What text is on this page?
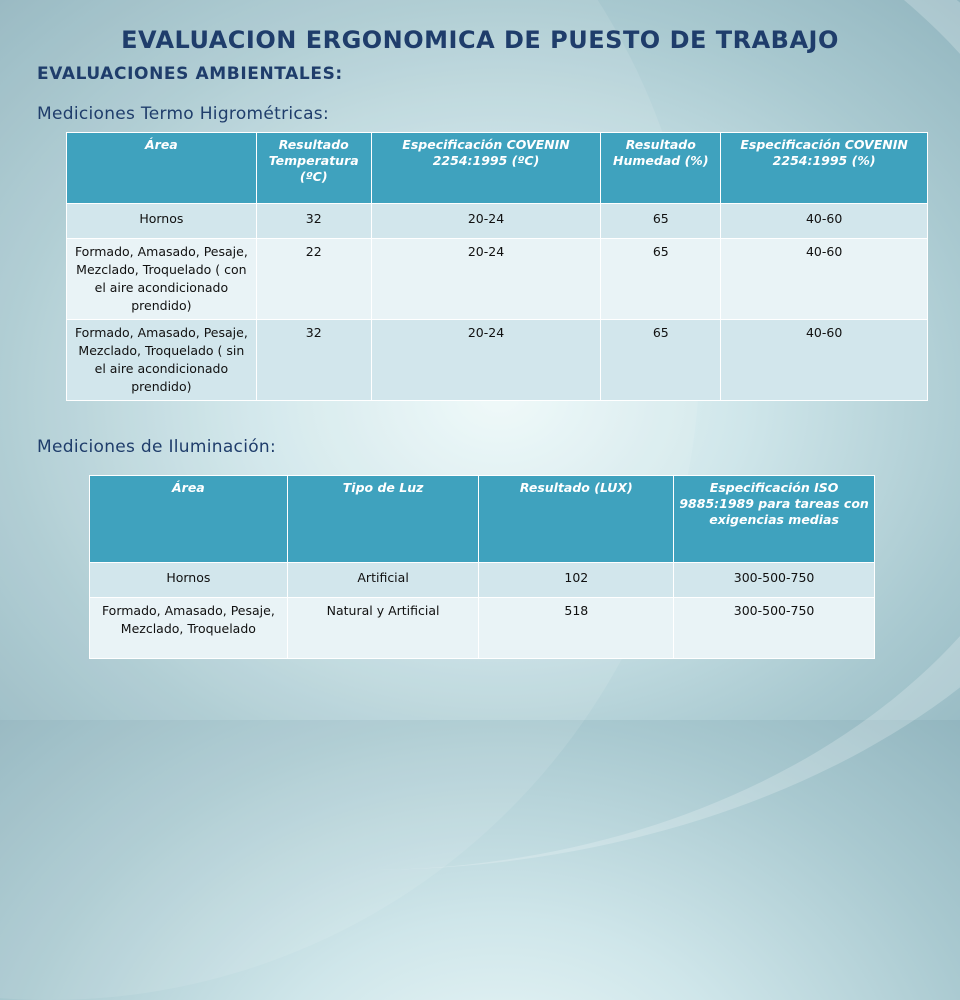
EVALUACION ERGONOMICA DE PUESTO DE TRABAJO
EVALUACIONES AMBIENTALES:
Mediciones Termo Higrométricas:
Área	Resultado Temperatura (ºC)	Especificación COVENIN 2254:1995 (ºC)	Resultado Humedad (%)	Especificación COVENIN 2254:1995 (%)
Hornos	32	20-24	65	40-60
Formado, Amasado, Pesaje, Mezclado, Troquelado ( con el aire acondicionado prendido)	22	20-24	65	40-60
Formado, Amasado, Pesaje, Mezclado, Troquelado ( sin el aire acondicionado prendido)	32	20-24	65	40-60
Mediciones de Iluminación:
Área	Tipo de Luz	Resultado (LUX)	Especificación ISO 9885:1989 para tareas con exigencias medias
Hornos	Artificial	102	300-500-750
Formado, Amasado, Pesaje, Mezclado, Troquelado	Natural y Artificial	518	300-500-750
